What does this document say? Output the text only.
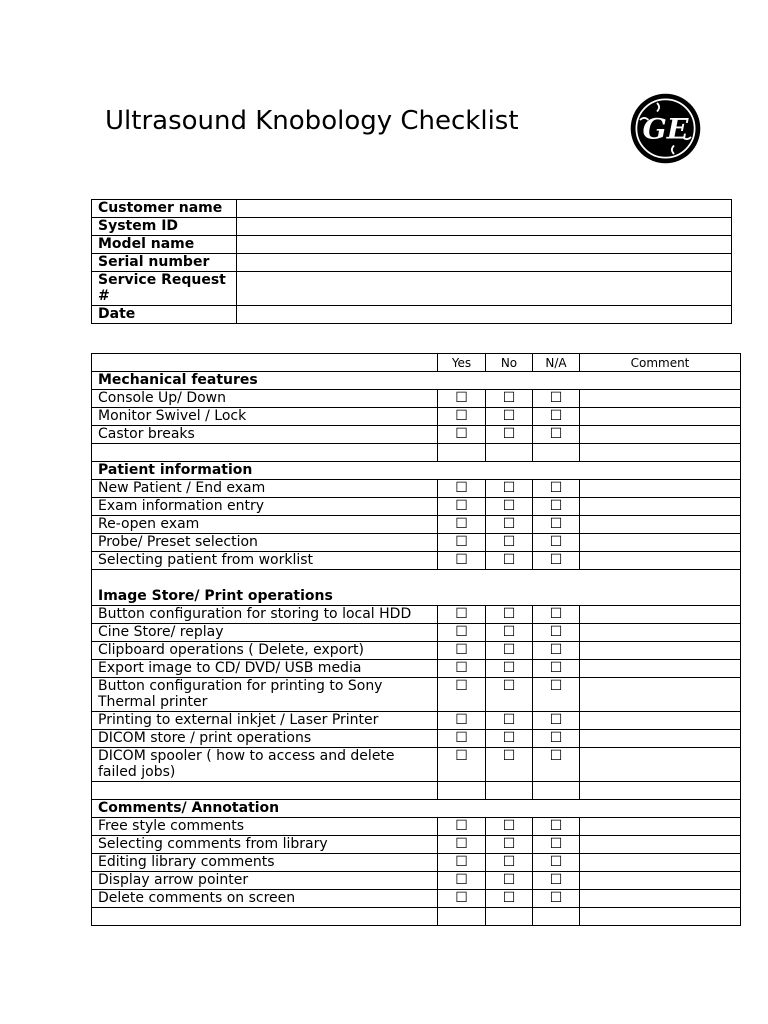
Ultrasound Knobology Checklist	GE
Customer name	
System ID	
Model name	
Serial number	
Service Request #	
Date	
	Yes	No	N/A	Comment
Mechanical features				
Console Up/ Down	☐	☐	☐	
Monitor Swivel / Lock	☐	☐	☐	
Castor breaks	☐	☐	☐	

Patient information				
New Patient / End exam	☐	☐	☐	
Exam information entry	☐	☐	☐	
Re-open exam	☐	☐	☐	
Probe/ Preset selection	☐	☐	☐	
Selecting patient from worklist	☐	☐	☐	
Image Store/ Print operations				
Button configuration for storing to local HDD	☐	☐	☐	
Cine Store/ replay	☐	☐	☐	
Clipboard operations ( Delete, export)	☐	☐	☐	
Export image to CD/ DVD/ USB media	☐	☐	☐	
Button configuration for printing to Sony Thermal printer	☐	☐	☐	
Printing to external inkjet / Laser Printer	☐	☐	☐	
DICOM store / print operations	☐	☐	☐	
DICOM spooler ( how to access and delete failed jobs)	☐	☐	☐	

Comments/ Annotation				
Free style comments	☐	☐	☐	
Selecting comments from library	☐	☐	☐	
Editing library comments	☐	☐	☐	
Display arrow pointer	☐	☐	☐	
Delete comments on screen	☐	☐	☐	
